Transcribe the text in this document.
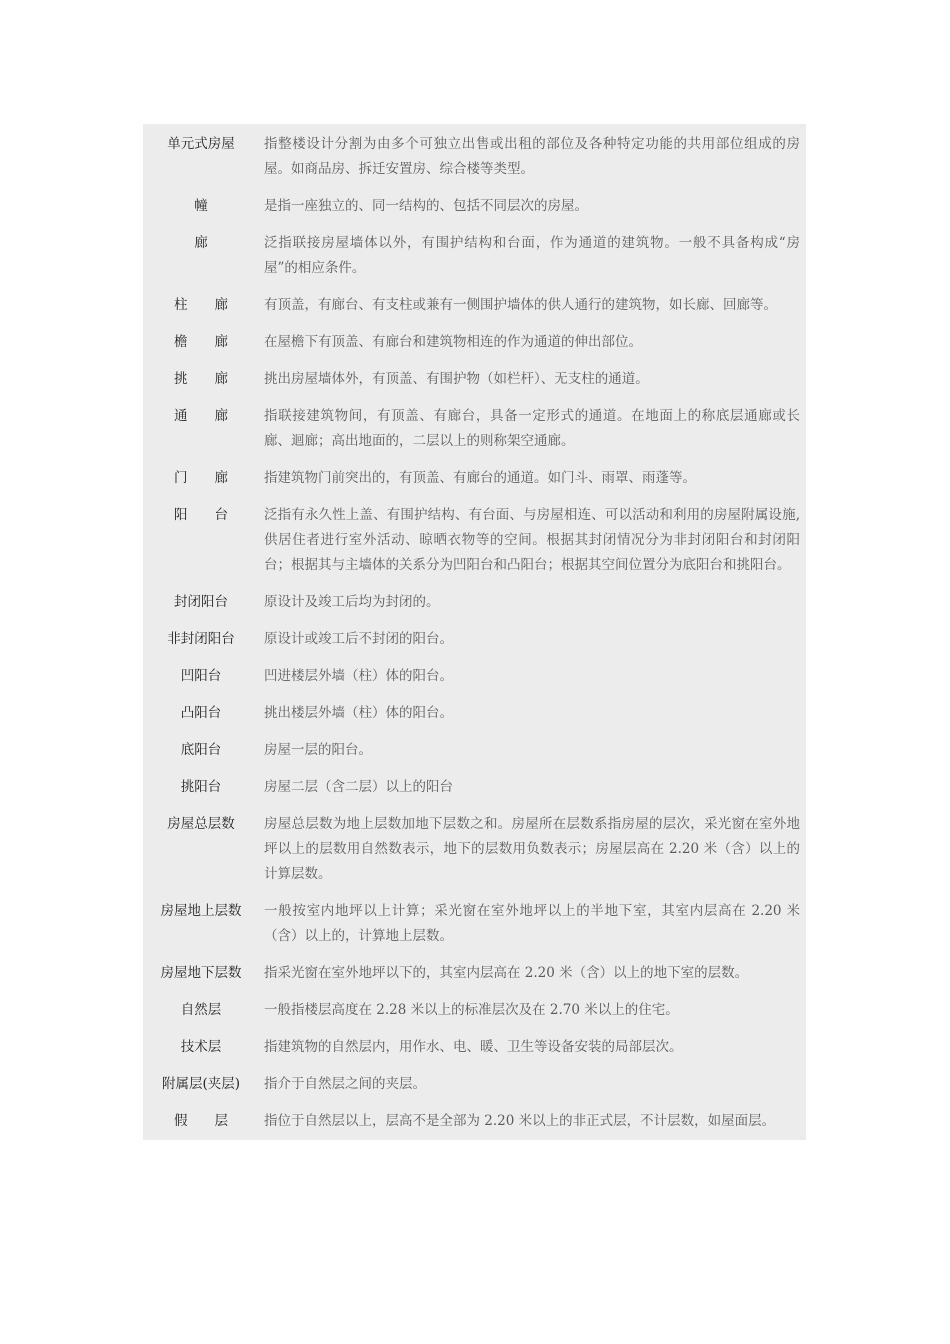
单元式房屋	指整楼设计分割为由多个可独立出售或出租的部位及各种特定功能的共用部位组成的房屋。如商品房、拆迁安置房、综合楼等类型。
幢	是指一座独立的、同一结构的、包括不同层次的房屋。
廊	泛指联接房屋墙体以外，有围护结构和台面，作为通道的建筑物。一般不具备构成“房屋”的相应条件。
柱　　廊	有顶盖，有廊台、有支柱或兼有一侧围护墙体的供人通行的建筑物，如长廊、回廊等。
檐　　廊	在屋檐下有顶盖、有廊台和建筑物相连的作为通道的伸出部位。
挑　　廊	挑出房屋墙体外，有顶盖、有围护物（如栏杆）、无支柱的通道。
通　　廊	指联接建筑物间，有顶盖、有廊台，具备一定形式的通道。在地面上的称底层通廊或长廊、迴廊；高出地面的，二层以上的则称架空通廊。
门　　廊	指建筑物门前突出的，有顶盖、有廊台的通道。如门斗、雨罩、雨蓬等。
阳　　台	泛指有永久性上盖、有围护结构、有台面、与房屋相连、可以活动和利用的房屋附属设施,供居住者进行室外活动、晾晒衣物等的空间。根据其封闭情况分为非封闭阳台和封闭阳台；根据其与主墙体的关系分为凹阳台和凸阳台；根据其空间位置分为底阳台和挑阳台。
封闭阳台	原设计及竣工后均为封闭的。
非封闭阳台	原设计或竣工后不封闭的阳台。
凹阳台	凹进楼层外墙（柱）体的阳台。
凸阳台	挑出楼层外墙（柱）体的阳台。
底阳台	房屋一层的阳台。
挑阳台	房屋二层（含二层）以上的阳台
房屋总层数	房屋总层数为地上层数加地下层数之和。房屋所在层数系指房屋的层次，采光窗在室外地坪以上的层数用自然数表示，地下的层数用负数表示；房屋层高在 2.20 米（含）以上的计算层数。
房屋地上层数	一般按室内地坪以上计算；采光窗在室外地坪以上的半地下室，其室内层高在 2.20 米（含）以上的，计算地上层数。
房屋地下层数	指采光窗在室外地坪以下的，其室内层高在 2.20 米（含）以上的地下室的层数。
自然层	一般指楼层高度在 2.28 米以上的标准层次及在 2.70 米以上的住宅。
技术层	指建筑物的自然层内，用作水、电、暖、卫生等设备安装的局部层次。
附属层(夹层)	指介于自然层之间的夹层。
假　　层	指位于自然层以上，层高不是全部为 2.20 米以上的非正式层，不计层数，如屋面层。
